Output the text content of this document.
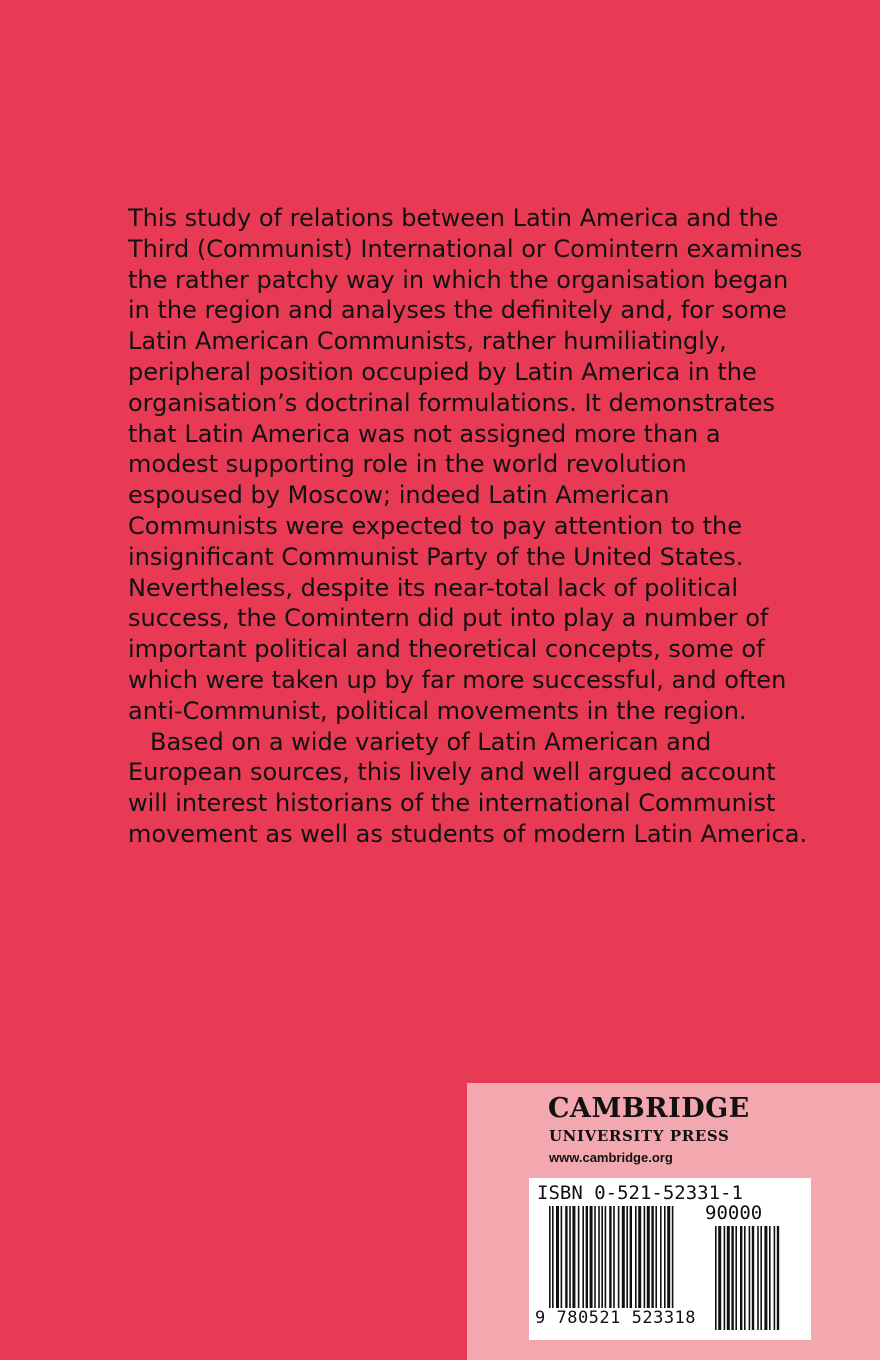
This study of relations between Latin America and the
Third (Communist) International or Comintern examines
the rather patchy way in which the organisation began
in the region and analyses the definitely and, for some
Latin American Communists, rather humiliatingly,
peripheral position occupied by Latin America in the
organisation’s doctrinal formulations. It demonstrates
that Latin America was not assigned more than a
modest supporting role in the world revolution
espoused by Moscow; indeed Latin American
Communists were expected to pay attention to the
insignificant Communist Party of the United States.
Nevertheless, despite its near-total lack of political
success, the Comintern did put into play a number of
important political and theoretical concepts, some of
which were taken up by far more successful, and often
anti-Communist, political movements in the region.

Based on a wide variety of Latin American and
European sources, this lively and well argued account
will interest historians of the international Communist
movement as well as students of modern Latin America.

CAMBRIDGE
UNIVERSITY PRESS
www.cambridge.org
ISBN 0-521-52331-1
90000
9 780521 523318
